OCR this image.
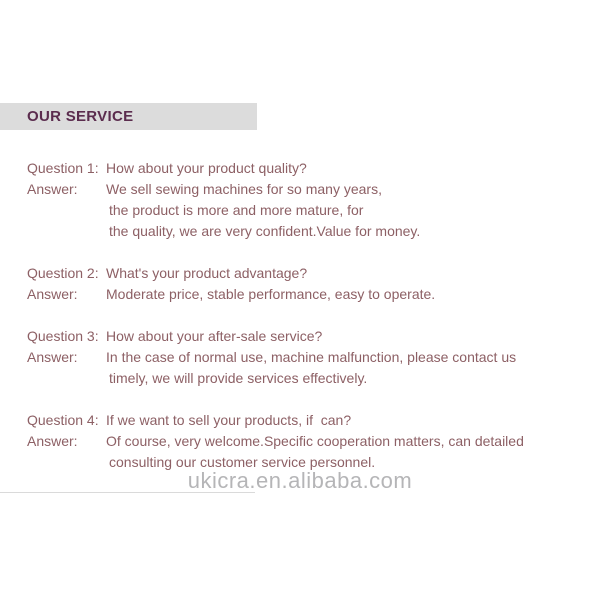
OUR SERVICE
Question 1: How about your product quality?
Answer:	We sell sewing machines for so many years,
the product is more and more mature, for
the quality, we are very confident.Value for money.
Question 2: What's your product advantage?
Answer:	Moderate price, stable performance, easy to operate.
Question 3: How about your after-sale service?
Answer:	In the case of normal use, machine malfunction, please contact us
timely, we will provide services effectively.
Question 4: If we want to sell your products, if  can?
Answer:	Of course, very welcome.Specific cooperation matters, can detailed
consulting our customer service personnel.
ukicra.en.alibaba.com
